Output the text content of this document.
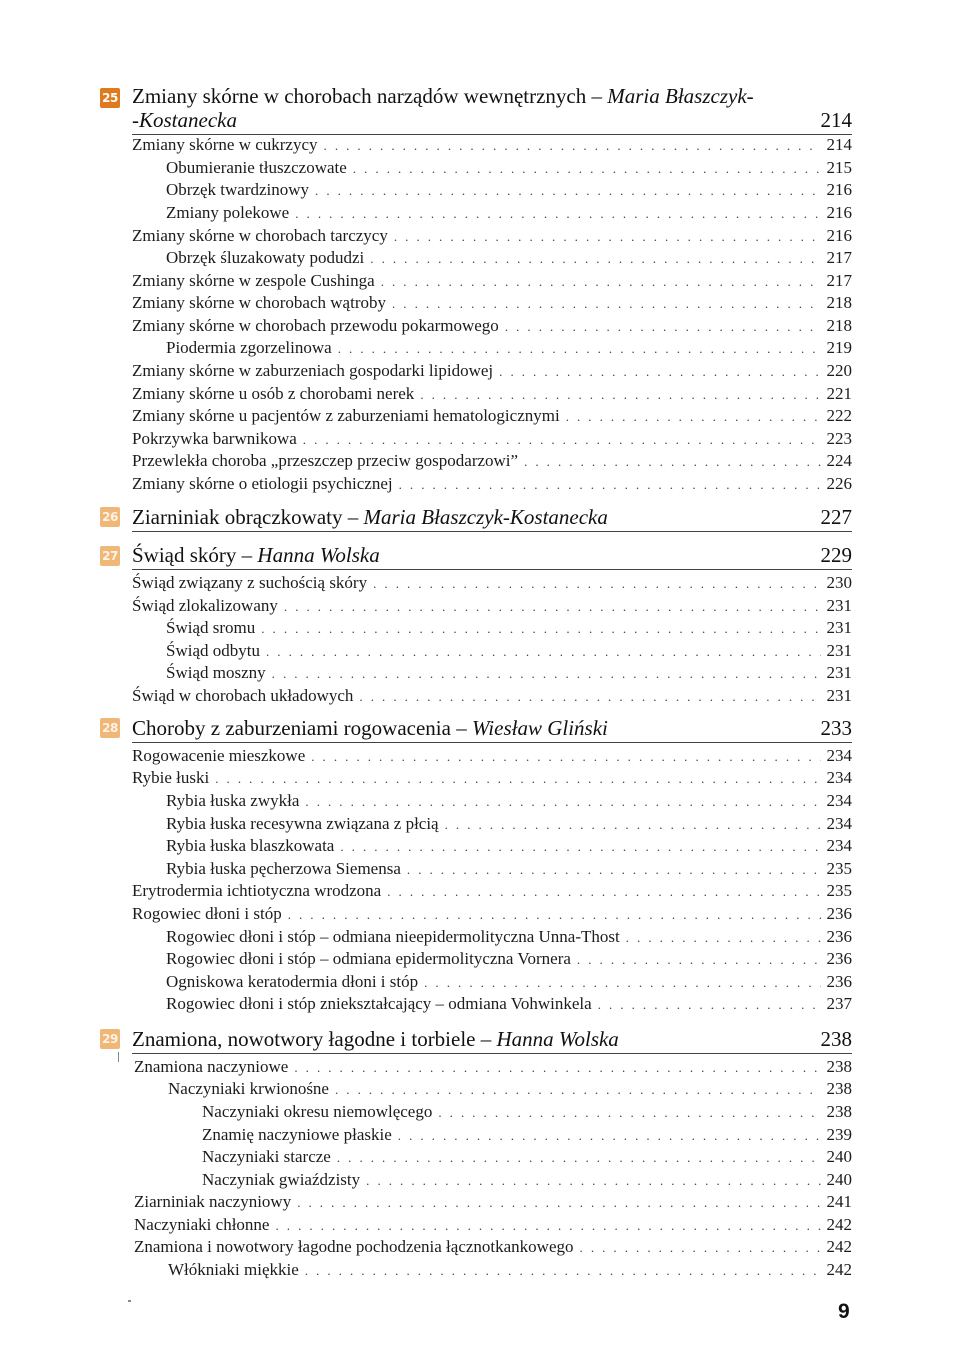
25 Zmiany skórne w chorobach narządów wewnętrznych – Maria Błaszczyk-
-Kostanecka	214
Zmiany skórne w cukrzycy . . .	214
Obumieranie tłuszczowate . . .	215
Obrzęk twardzinowy . . .	216
Zmiany polekowe . . .	216
Zmiany skórne w chorobach tarczycy . . .	216
Obrzęk śluzakowaty podudzi . . .	217
Zmiany skórne w zespole Cushinga . . .	217
Zmiany skórne w chorobach wątroby . . .	218
Zmiany skórne w chorobach przewodu pokarmowego . . .	218
Piodermia zgorzelinowa . . .	219
Zmiany skórne w zaburzeniach gospodarki lipidowej . . .	220
Zmiany skórne u osób z chorobami nerek . . .	221
Zmiany skórne u pacjentów z zaburzeniami hematologicznymi . . .	222
Pokrzywka barwnikowa . . .	223
Przewlekła choroba „przeszczep przeciw gospodarzowi” . . .	224
Zmiany skórne o etiologii psychicznej . . .	226
26 Ziarniniak obrączkowaty – Maria Błaszczyk-Kostanecka	227
27 Świąd skóry – Hanna Wolska	229
Świąd związany z suchością skóry . . .	230
Świąd zlokalizowany . . .	231
Świąd sromu . . .	231
Świąd odbytu . . .	231
Świąd moszny . . .	231
Świąd w chorobach układowych . . .	231
28 Choroby z zaburzeniami rogowacenia – Wiesław Gliński	233
Rogowacenie mieszkowe . . .	234
Rybie łuski . . .	234
Rybia łuska zwykła . . .	234
Rybia łuska recesywna związana z płcią . . .	234
Rybia łuska blaszkowata . . .	234
Rybia łuska pęcherzowa Siemensa . . .	235
Erytrodermia ichtiotyczna wrodzona . . .	235
Rogowiec dłoni i stóp . . .	236
Rogowiec dłoni i stóp – odmiana nieepidermolityczna Unna-Thost . . .	236
Rogowiec dłoni i stóp – odmiana epidermolityczna Vornera . . .	236
Ogniskowa keratodermia dłoni i stóp . . .	236
Rogowiec dłoni i stóp zniekształcający – odmiana Vohwinkela . . .	237
29 Znamiona, nowotwory łagodne i torbiele – Hanna Wolska	238
Znamiona naczyniowe . . .	238
Naczyniaki krwionośne . . .	238
Naczyniaki okresu niemowlęcego . . .	238
Znamię naczyniowe płaskie . . .	239
Naczyniaki starcze . . .	240
Naczyniak gwiaździsty . . .	240
Ziarniniak naczyniowy . . .	241
Naczyniaki chłonne . . .	242
Znamiona i nowotwory łagodne pochodzenia łącznotkankowego . . .	242
Włókniaki miękkie . . .	242
9
